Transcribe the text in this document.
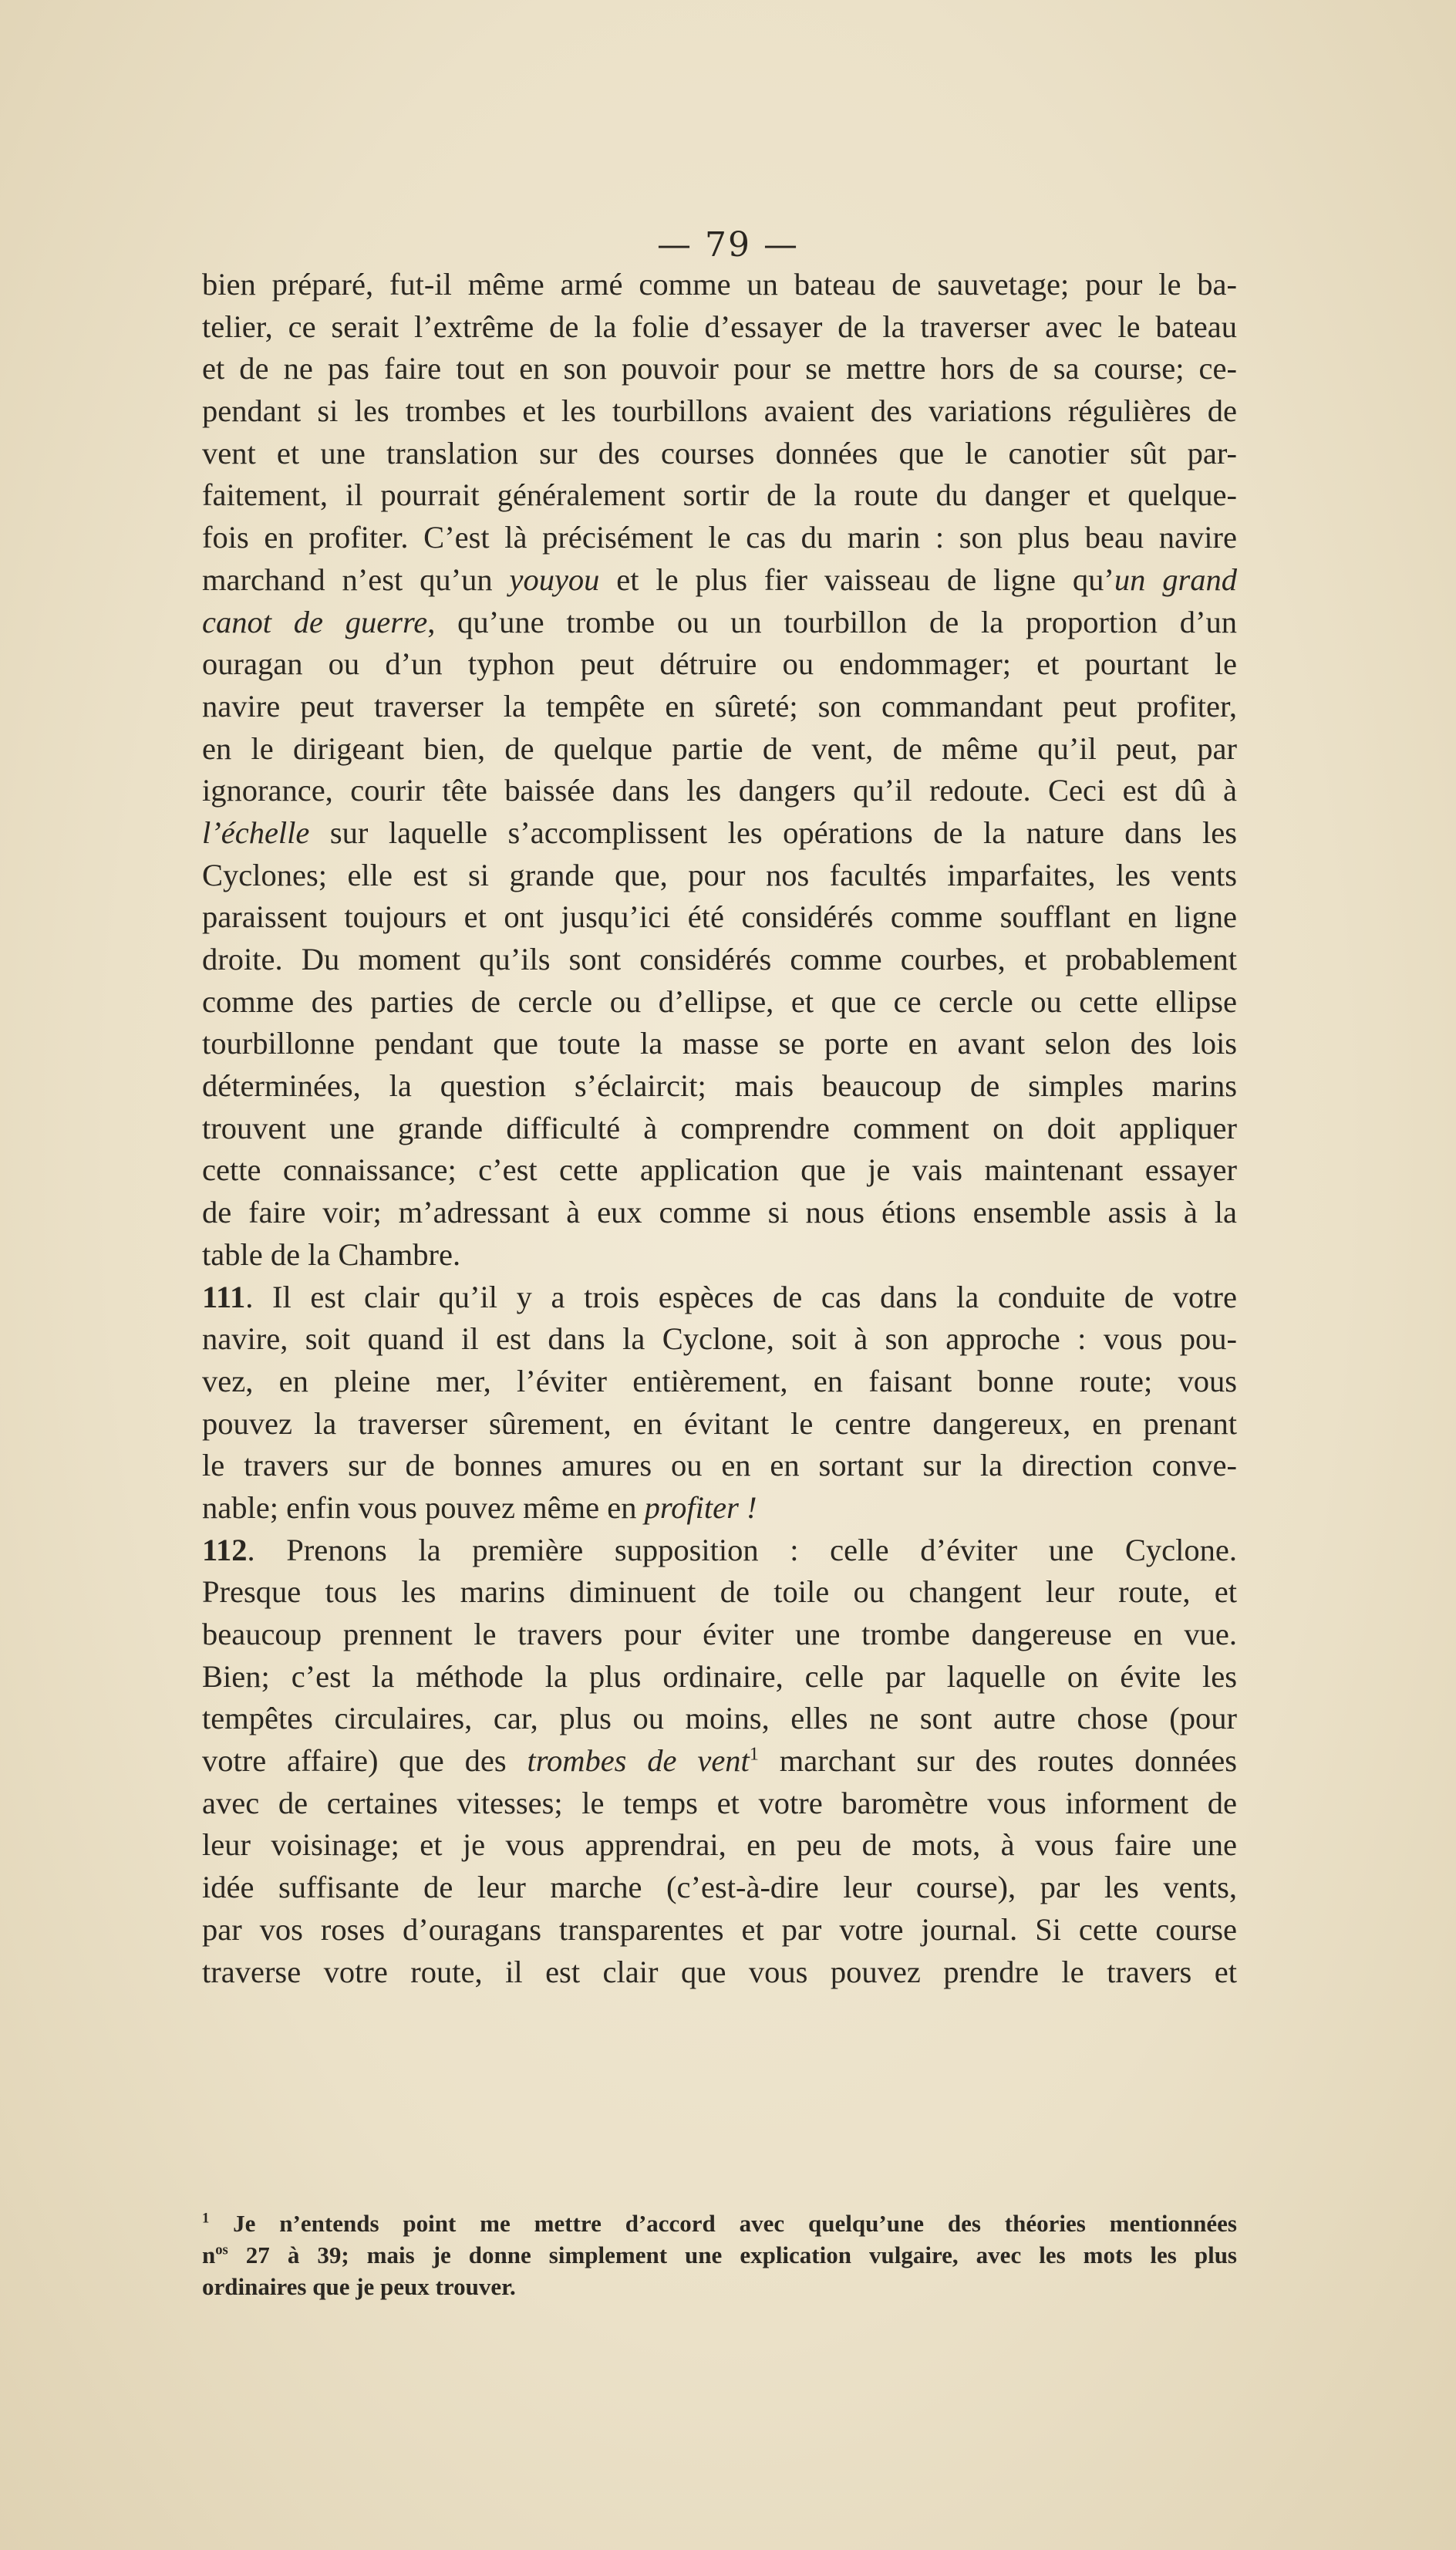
— 79 —
bien préparé, fut-il même armé comme un bateau de sauvetage; pour le ba-
telier, ce serait l’extrême de la folie d’essayer de la traverser avec le bateau
et de ne pas faire tout en son pouvoir pour se mettre hors de sa course; ce-
pendant si les trombes et les tourbillons avaient des variations régulières de
vent et une translation sur des courses données que le canotier sût par-
faitement, il pourrait généralement sortir de la route du danger et quelque-
fois en profiter. C’est là précisément le cas du marin : son plus beau navire
marchand n’est qu’un youyou et le plus fier vaisseau de ligne qu’un grand
canot de guerre, qu’une trombe ou un tourbillon de la proportion d’un
ouragan ou d’un typhon peut détruire ou endommager; et pourtant le
navire peut traverser la tempête en sûreté; son commandant peut profiter,
en le dirigeant bien, de quelque partie de vent, de même qu’il peut, par
ignorance, courir tête baissée dans les dangers qu’il redoute. Ceci est dû à
l’échelle sur laquelle s’accomplissent les opérations de la nature dans les
Cyclones; elle est si grande que, pour nos facultés imparfaites, les vents
paraissent toujours et ont jusqu’ici été considérés comme soufflant en ligne
droite. Du moment qu’ils sont considérés comme courbes, et probablement
comme des parties de cercle ou d’ellipse, et que ce cercle ou cette ellipse
tourbillonne pendant que toute la masse se porte en avant selon des lois
déterminées, la question s’éclaircit; mais beaucoup de simples marins
trouvent une grande difficulté à comprendre comment on doit appliquer
cette connaissance; c’est cette application que je vais maintenant essayer
de faire voir; m’adressant à eux comme si nous étions ensemble assis à la
table de la Chambre.
111. Il est clair qu’il y a trois espèces de cas dans la conduite de votre
navire, soit quand il est dans la Cyclone, soit à son approche : vous pou-
vez, en pleine mer, l’éviter entièrement, en faisant bonne route; vous
pouvez la traverser sûrement, en évitant le centre dangereux, en prenant
le travers sur de bonnes amures ou en en sortant sur la direction conve-
nable; enfin vous pouvez même en profiter !
112. Prenons la première supposition : celle d’éviter une Cyclone.
Presque tous les marins diminuent de toile ou changent leur route, et
beaucoup prennent le travers pour éviter une trombe dangereuse en vue.
Bien; c’est la méthode la plus ordinaire, celle par laquelle on évite les
tempêtes circulaires, car, plus ou moins, elles ne sont autre chose (pour
votre affaire) que des trombes de vent$^1$ marchant sur des routes données
avec de certaines vitesses; le temps et votre baromètre vous informent de
leur voisinage; et je vous apprendrai, en peu de mots, à vous faire une
idée suffisante de leur marche (c’est-à-dire leur course), par les vents,
par vos roses d’ouragans transparentes et par votre journal. Si cette course
traverse votre route, il est clair que vous pouvez prendre le travers et
$^1$ Je n’entends point me mettre d’accord avec quelqu’une des théories mentionnées
$n^{os}$ 27 à 39; mais je donne simplement une explication vulgaire, avec les mots les plus
ordinaires que je peux trouver.
